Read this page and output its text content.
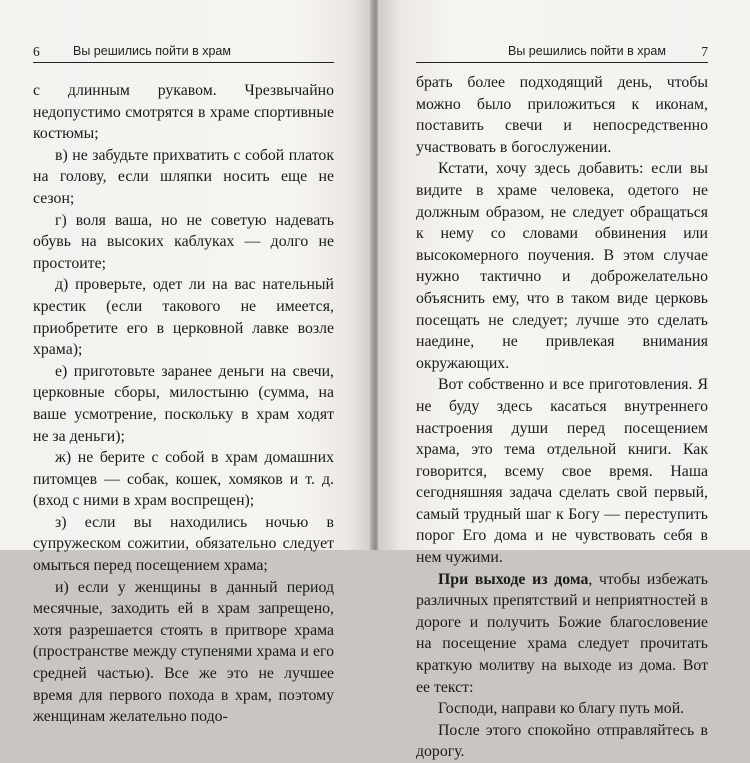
6	Вы решились пойти в храм

с длинным рукавом. Чрезвычайно недопустимо смотрятся в храме спортивные костюмы;

в) не забудьте прихватить с собой платок на голову, если шляпки носить еще не сезон;

г) воля ваша, но не советую надевать обувь на высоких каблуках — долго не простоите;

д) проверьте, одет ли на вас нательный крестик (если такового не имеется, приобретите его в церковной лавке возле храма);

е) приготовьте заранее деньги на свечи, церковные сборы, милостыню (сумма, на ваше усмотрение, поскольку в храм ходят не за деньги);

ж) не берите с собой в храм домашних питомцев — собак, кошек, хомяков и т. д. (вход с ними в храм воспрещен);

з) если вы находились ночью в супружеском сожитии, обязательно следует омыться перед посещением храма;

и) если у женщины в данный период месячные, заходить ей в храм запрещено, хотя разрешается стоять в притворе храма (пространстве между ступенями храма и его средней частью). Все же это не лучшее время для первого похода в храм, поэтому женщинам желательно подо-

Вы решились пойти в храм	7

брать более подходящий день, чтобы можно было приложиться к иконам, поставить свечи и непосредственно участвовать в богослужении.

Кстати, хочу здесь добавить: если вы видите в храме человека, одетого не должным образом, не следует обращаться к нему со словами обвинения или высокомерного поучения. В этом случае нужно тактично и доброжелательно объяснить ему, что в таком виде церковь посещать не следует; лучше это сделать наедине, не привлекая внимания окружающих.

Вот собственно и все приготовления. Я не буду здесь касаться внутреннего настроения души перед посещением храма, это тема отдельной книги. Как говорится, всему свое время. Наша сегодняшняя задача сделать свой первый, самый трудный шаг к Богу — переступить порог Его дома и не чувствовать себя в нем чужими.

При выходе из дома, чтобы избежать различных препятствий и неприятностей в дороге и получить Божие благословение на посещение храма следует прочитать краткую молитву на выходе из дома. Вот ее текст:

Господи, направи ко благу путь мой.

После этого спокойно отправляйтесь в дорогу.
